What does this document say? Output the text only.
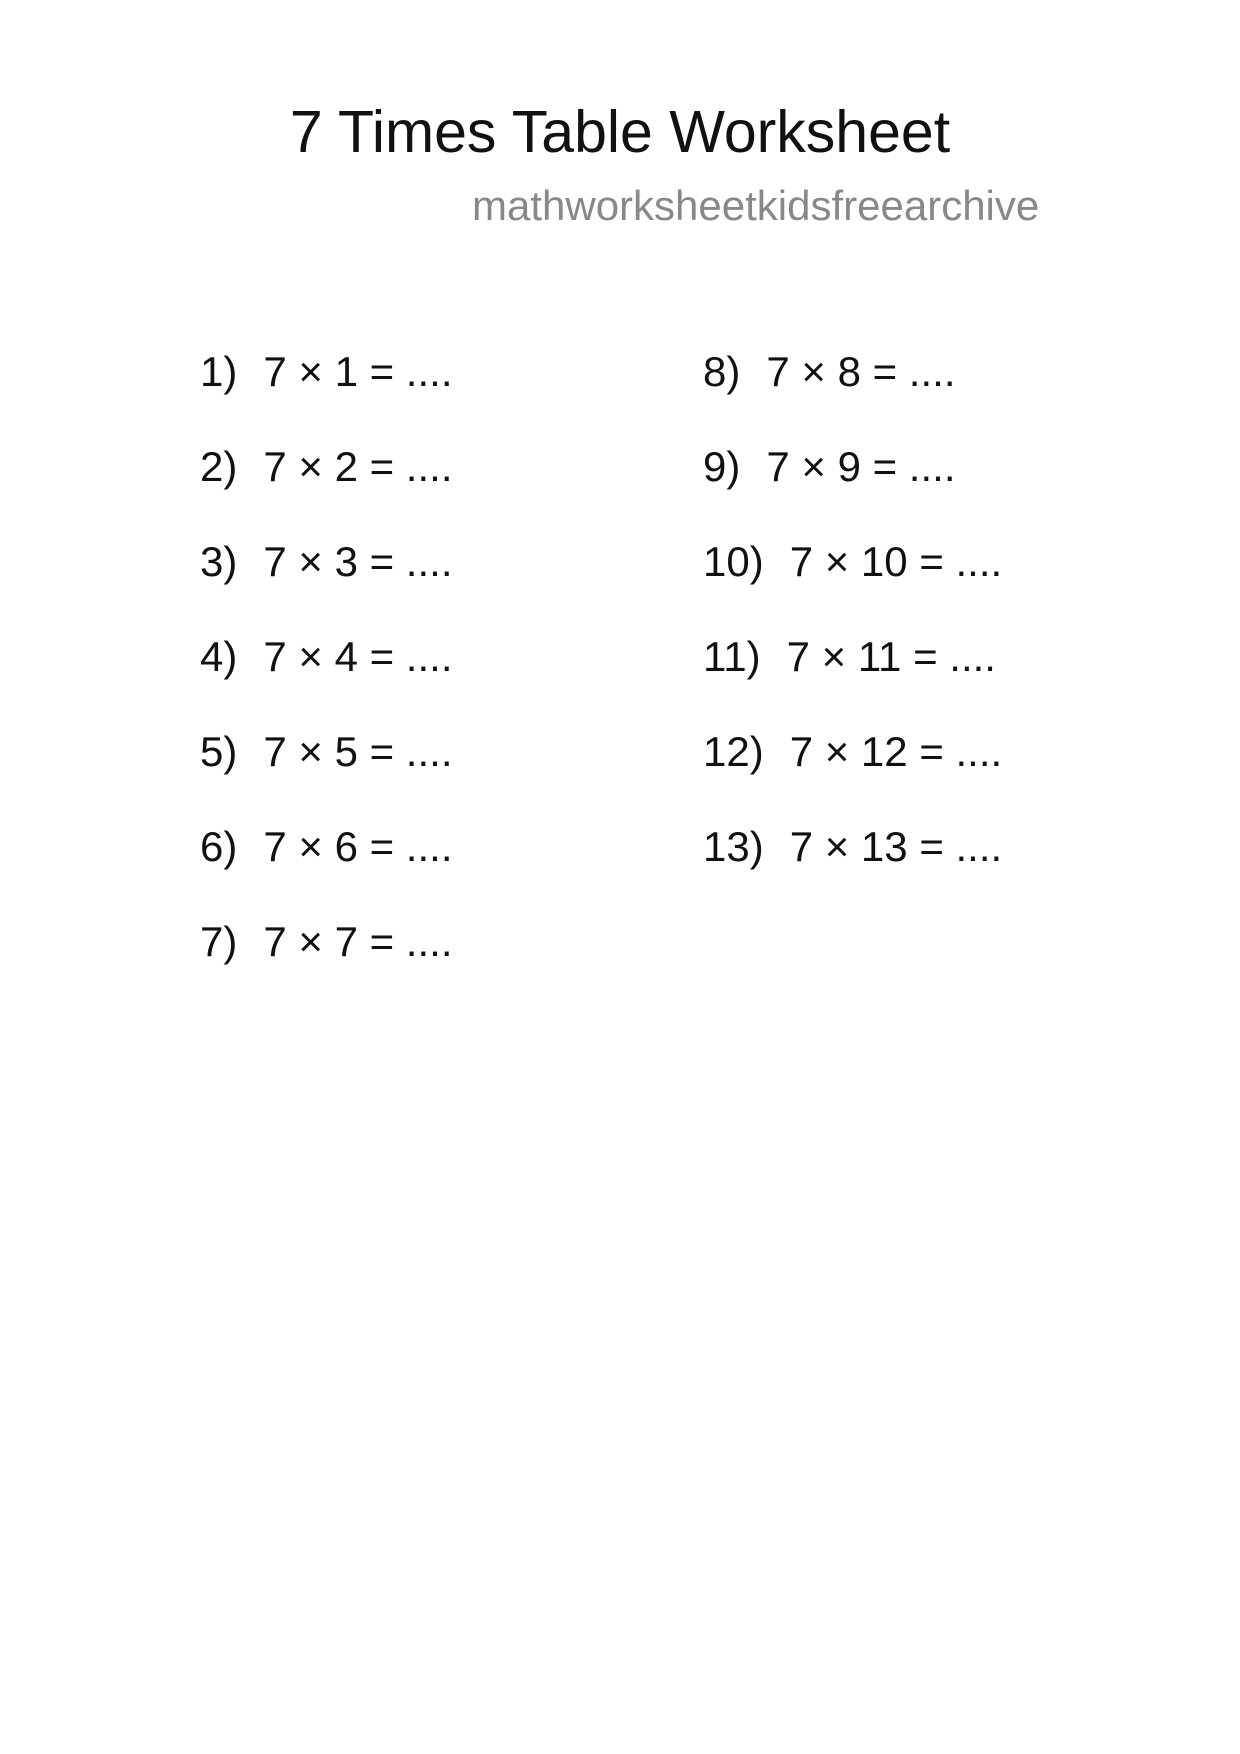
7 Times Table Worksheet
mathworksheetkidsfreearchive
1) 7 × 1 = ....
2) 7 × 2 = ....
3) 7 × 3 = ....
4) 7 × 4 = ....
5) 7 × 5 = ....
6) 7 × 6 = ....
7) 7 × 7 = ....
8) 7 × 8 = ....
9) 7 × 9 = ....
10) 7 × 10 = ....
11) 7 × 11 = ....
12) 7 × 12 = ....
13) 7 × 13 = ....
